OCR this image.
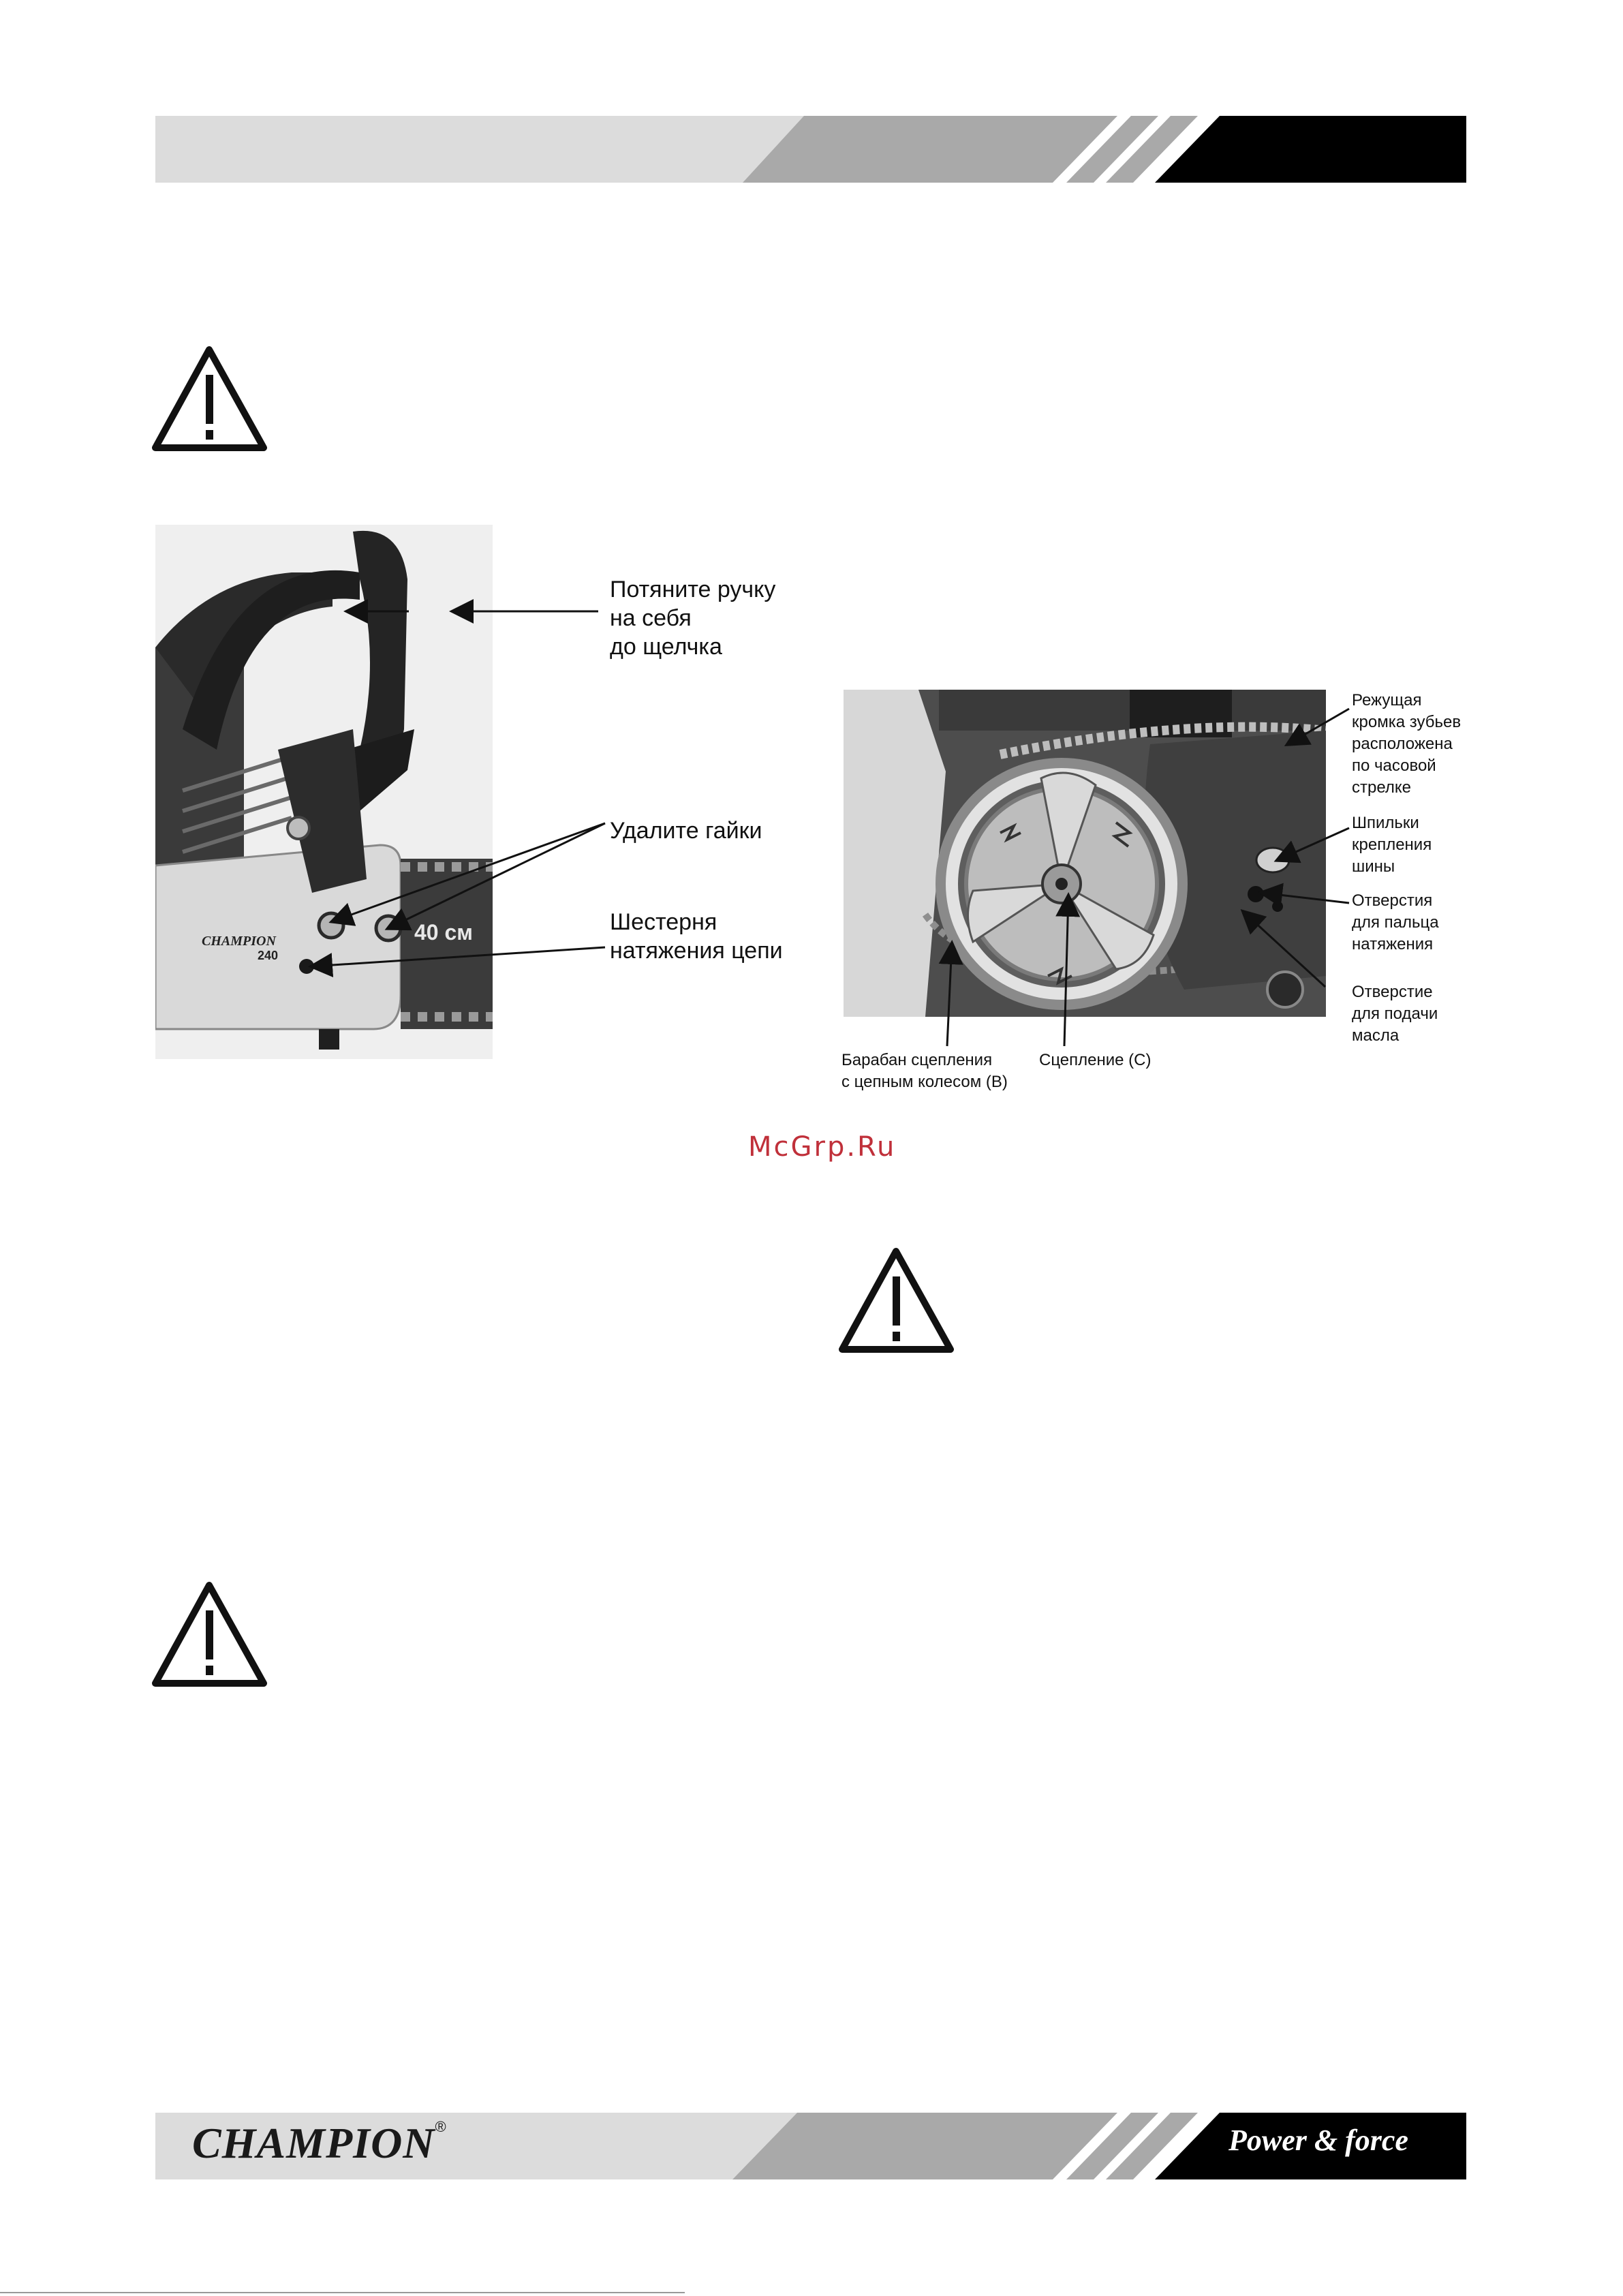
CHAMPION
240
40 см
Потяните ручку
на себя
до щелчка
Удалите гайки
Шестерня
натяжения цепи
Режущая
кромка зубьев
расположена
по часовой
стрелке
Шпильки
крепления
шины
Отверстия
для пальца
натяжения
Отверстие
для подачи
масла
Барабан сцепления
с цепным колесом (B)
Сцепление (C)
McGrp.Ru
CHAMPION®	Power & force
